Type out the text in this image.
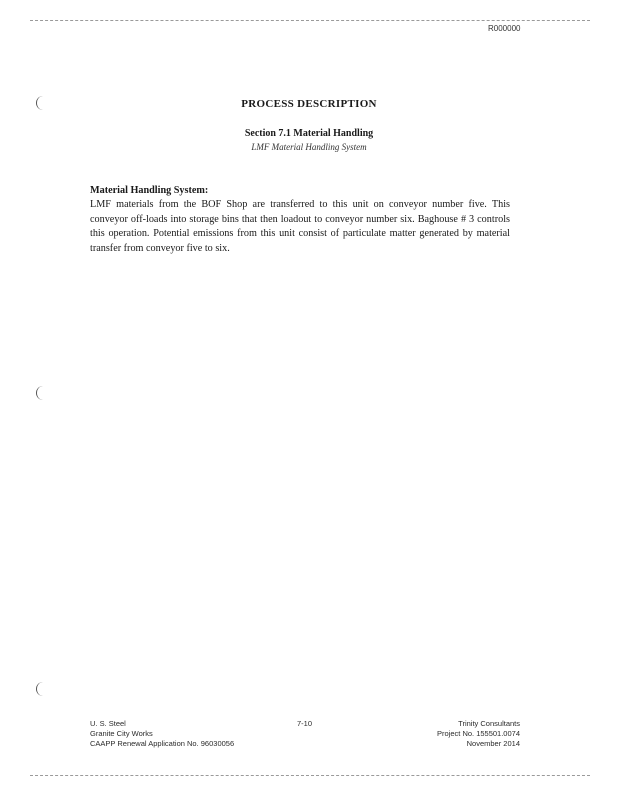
R000000
PROCESS DESCRIPTION
Section 7.1 Material Handling
LMF Material Handling System
Material Handling System:
LMF materials from the BOF Shop are transferred to this unit on conveyor number five. This conveyor off-loads into storage bins that then loadout to conveyor number six. Baghouse # 3 controls this operation. Potential emissions from this unit consist of particulate matter generated by material transfer from conveyor five to six.
U. S. Steel
Granite City Works
CAAPP Renewal Application No. 96030056
7-10	Trinity Consultants
Project No. 155501.0074
November 2014
